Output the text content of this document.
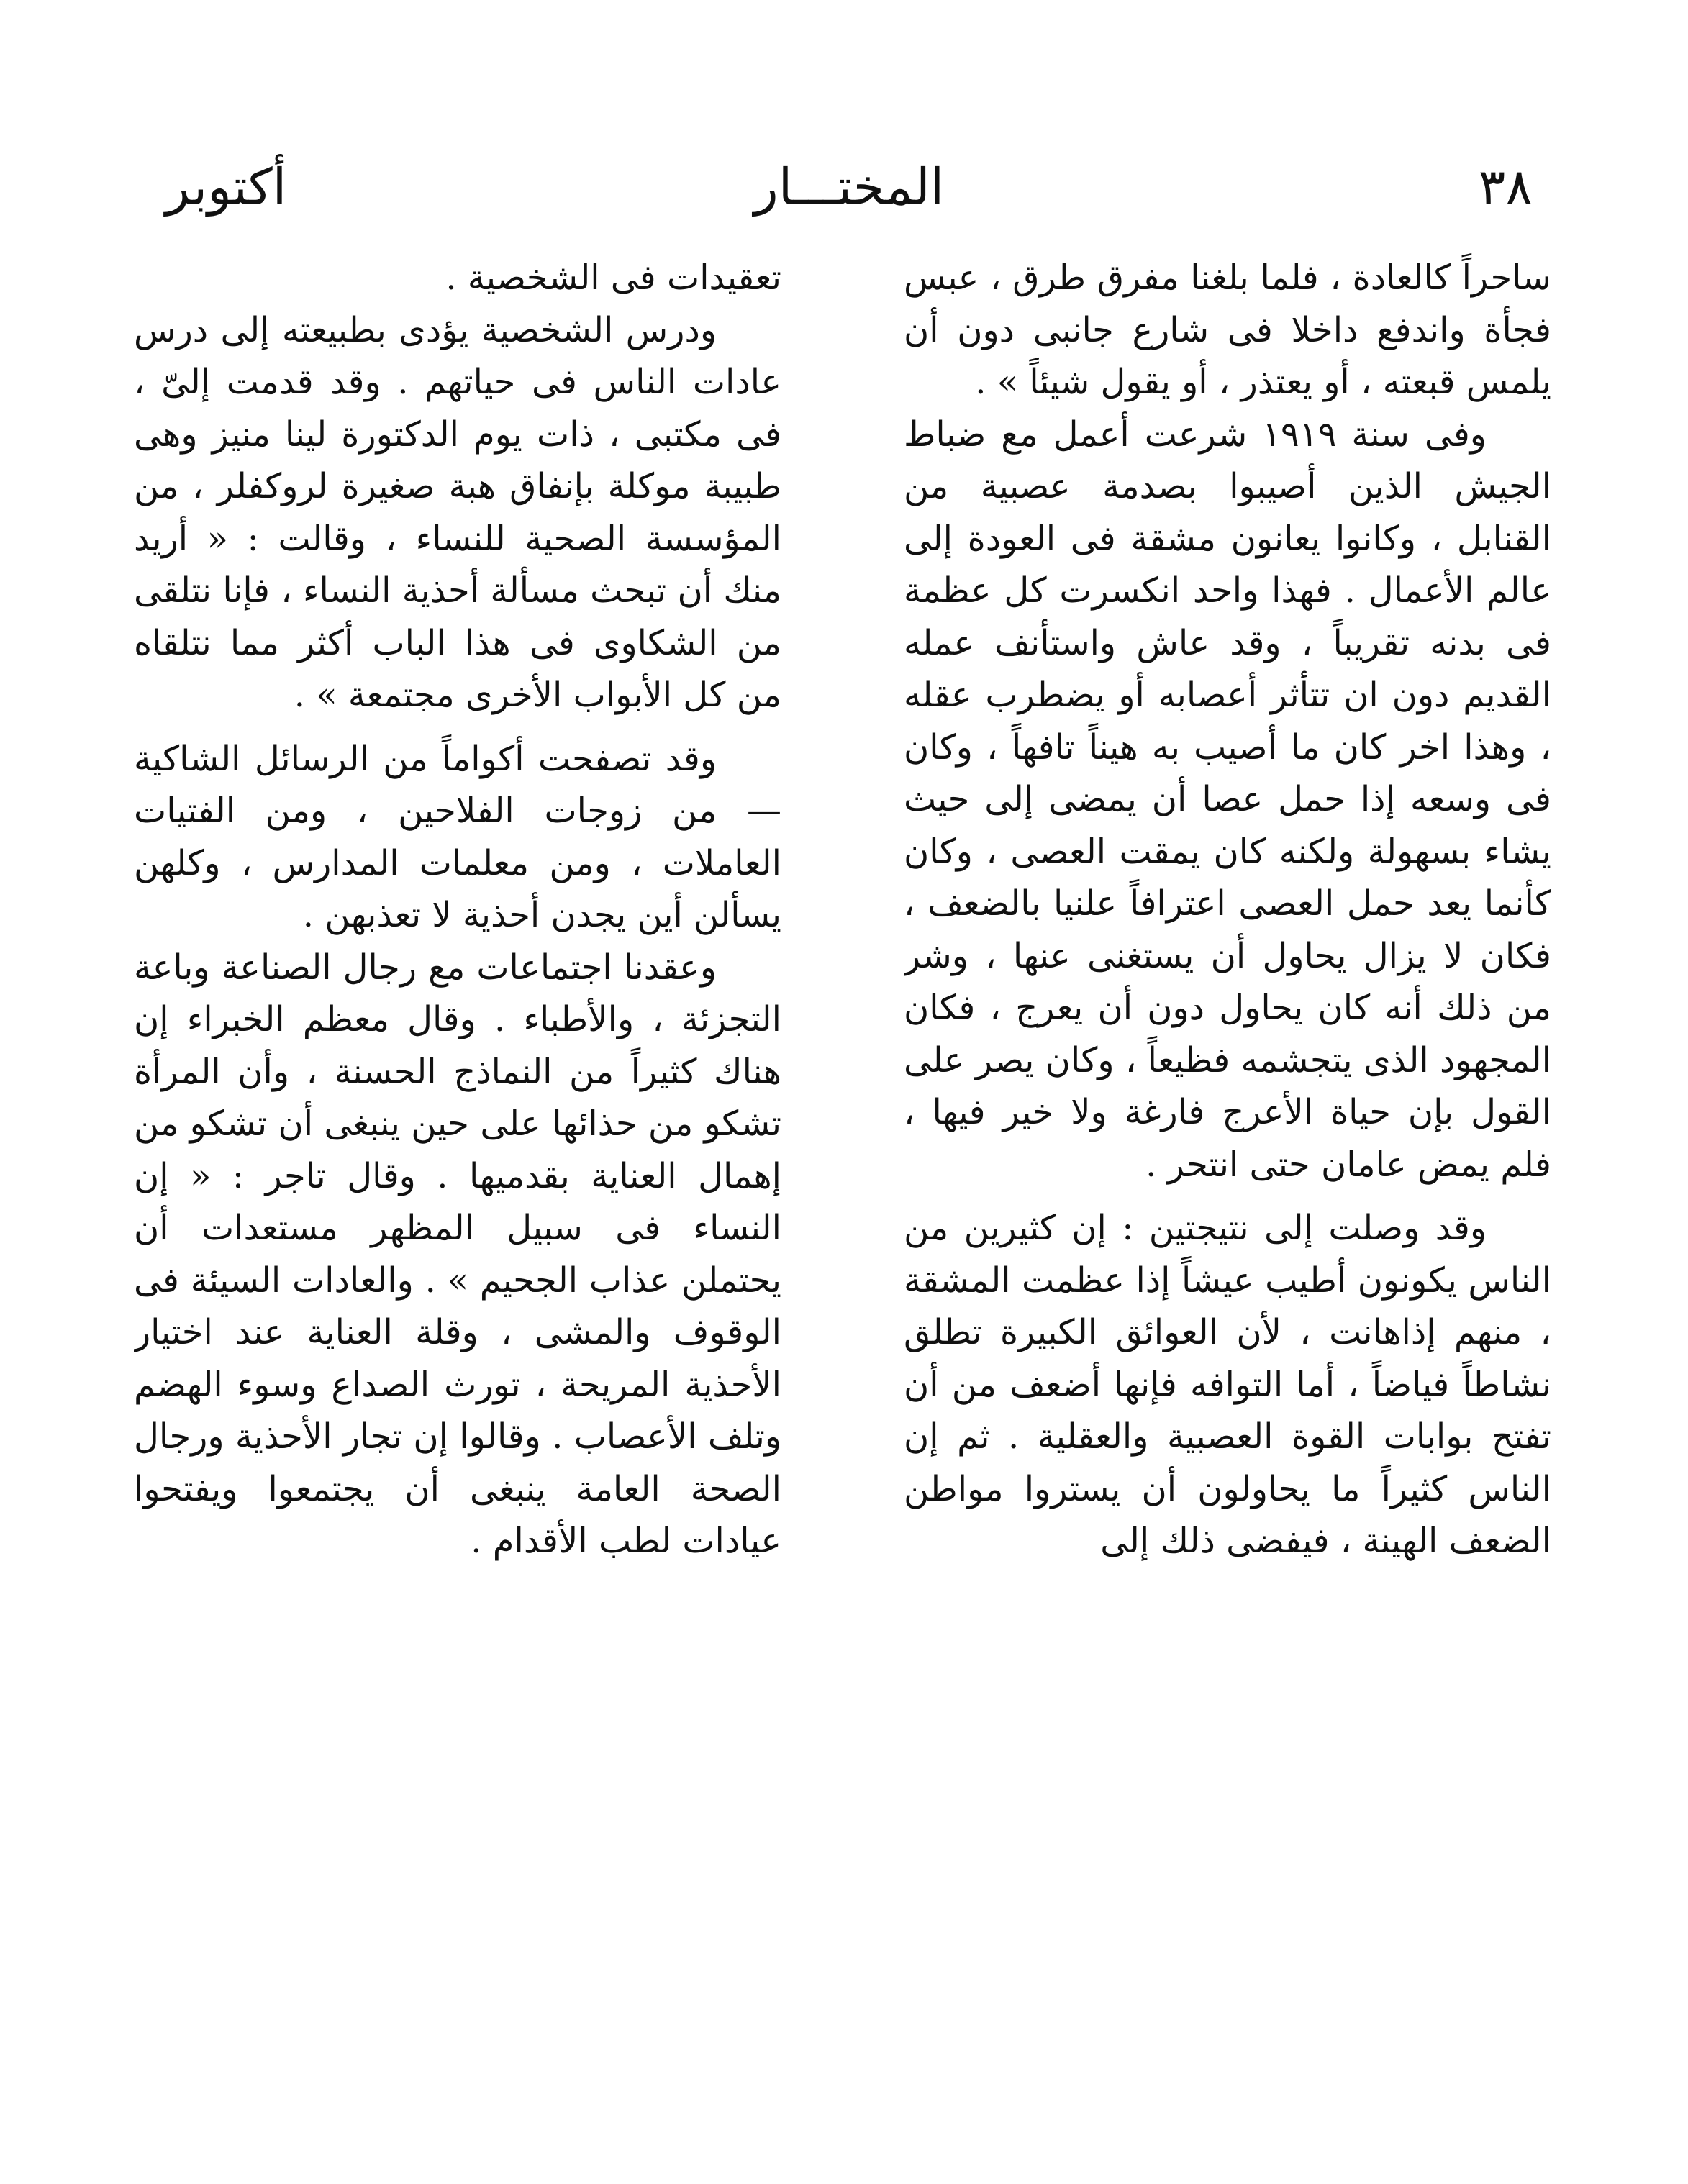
٣٨
المختـــار
أكتوبر

ساحراً كالعادة ، فلما بلغنا مفرق طرق ، عبس فجأة واندفع داخلا فى شارع جانبى دون أن يلمس قبعته ، أو يعتذر ، أو يقول شيئاً » .

وفى سنة ١٩١٩ شرعت أعمل مع ضباط الجيش الذين أصيبوا بصدمة عصبية من القنابل ، وكانوا يعانون مشقة فى العودة إلى عالم الأعمال . فهذا واحد انكسرت كل عظمة فى بدنه تقريباً ، وقد عاش واستأنف عمله القديم دون ان تتأثر أعصابه أو يضطرب عقله ، وهذا اخر كان ما أصيب به هيناً تافهاً ، وكان فى وسعه إذا حمل عصا أن يمضى إلى حيث يشاء بسهولة ولكنه كان يمقت العصى ، وكان كأنما يعد حمل العصى اعترافاً علنيا بالضعف ، فكان لا يزال يحاول أن يستغنى عنها ، وشر من ذلك أنه كان يحاول دون أن يعرج ، فكان المجهود الذى يتجشمه فظيعاً ، وكان يصر على القول بإن حياة الأعرج فارغة ولا خير فيها ، فلم يمض عامان حتى انتحر .

وقد وصلت إلى نتيجتين : إن كثيرين من الناس يكونون أطيب عيشاً إذا عظمت المشقة ، منهم إذاهانت ، لأن العوائق الكبيرة تطلق نشاطاً فياضاً ، أما التوافه فإنها أضعف من أن تفتح بوابات القوة العصبية والعقلية . ثم إن الناس كثيراً ما يحاولون أن يستروا مواطن الضعف الهينة ، فيفضى ذلك إلى

تعقيدات فى الشخصية .

ودرس الشخصية يؤدى بطبيعته إلى درس عادات الناس فى حياتهم . وقد قدمت إلىّ ، فى مكتبى ، ذات يوم الدكتورة لينا منيز وهى طبيبة موكلة بإنفاق هبة صغيرة لروكفلر ، من المؤسسة الصحية للنساء ، وقالت : « أريد منك أن تبحث مسألة أحذية النساء ، فإنا نتلقى من الشكاوى فى هذا الباب أكثر مما نتلقاه من كل الأبواب الأخرى مجتمعة » .

وقد تصفحت أكواماً من الرسائل الشاكية — من زوجات الفلاحين ، ومن الفتيات العاملات ، ومن معلمات المدارس ، وكلهن يسألن أين يجدن أحذية لا تعذبهن .

وعقدنا اجتماعات مع رجال الصناعة وباعة التجزئة ، والأطباء . وقال معظم الخبراء إن هناك كثيراً من النماذج الحسنة ، وأن المرأة تشكو من حذائها على حين ينبغى أن تشكو من إهمال العناية بقدميها . وقال تاجر : « إن النساء فى سبيل المظهر مستعدات أن يحتملن عذاب الجحيم » . والعادات السيئة فى الوقوف والمشى ، وقلة العناية عند اختيار الأحذية المريحة ، تورث الصداع وسوء الهضم وتلف الأعصاب . وقالوا إن تجار الأحذية ورجال الصحة العامة ينبغى أن يجتمعوا ويفتحوا عيادات لطب الأقدام .
